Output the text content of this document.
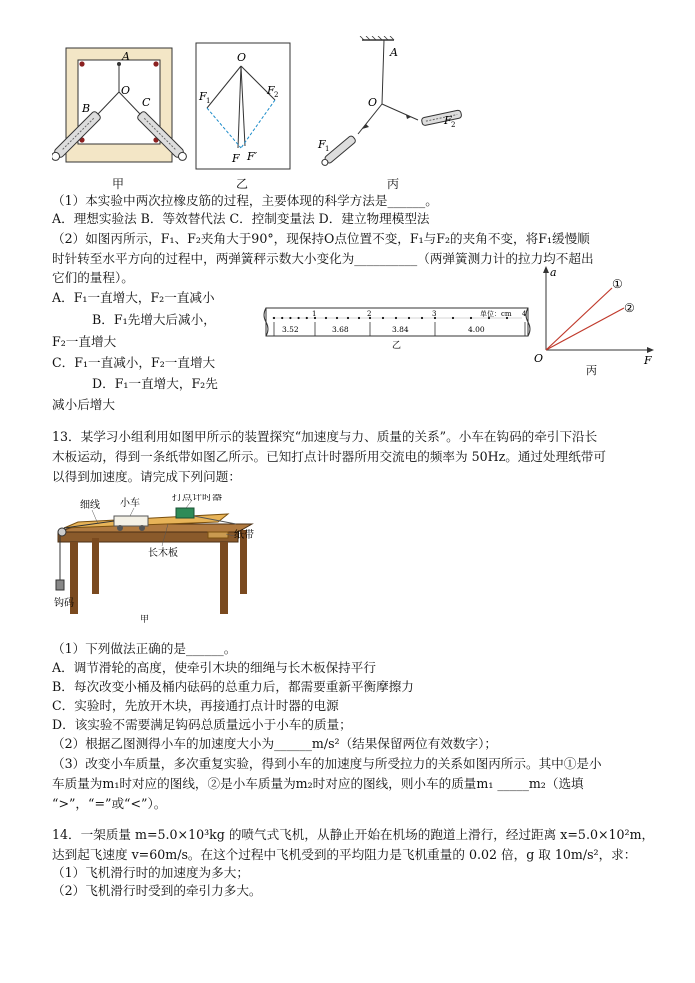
A
O
B	C
甲
O
F 1
F 2
F F′
乙
A
O
F 2
F 1
丙
（1）本实验中两次拉橡皮筋的过程，主要体现的科学方法是______。
A．理想实验法 B．等效替代法 C．控制变量法 D．建立物理模型法
（2）如图丙所示，F₁、F₂夹角大于90°，现保持O点位置不变，F₁与F₂的夹角不变，将F₁缓慢顺
时针转至水平方向的过程中，两弹簧秤示数大小变化为__________（两弹簧测力计的拉力均不超出
它们的量程）。
A．F₁一直增大，F₂一直减小
B．F₁先增大后减小，
F₂一直增大
C．F₁一直减小，F₂一直增大
D．F₁一直增大，F₂先
减小后增大
1	2	3	4
单位：cm
3.52	3.68	3.84	4.00
乙
a
F
O
①
②
丙
13．某学习小组利用如图甲所示的装置探究“加速度与力、质量的关系”。小车在钩码的牵引下沿长
木板运动，得到一条纸带如图乙所示。已知打点计时器所用交流电的频率为 50Hz。通过处理纸带可
以得到加速度。请完成下列问题：
细线 小车
打点计时器
纸带
长木板
钩码
甲
（1）下列做法正确的是______。
A．调节滑轮的高度，使牵引木块的细绳与长木板保持平行
B．每次改变小桶及桶内砝码的总重力后，都需要重新平衡摩擦力
C．实验时，先放开木块，再接通打点计时器的电源
D．该实验不需要满足钩码总质量远小于小车的质量；
（2）根据乙图测得小车的加速度大小为______m/s²（结果保留两位有效数字）；
（3）改变小车质量，多次重复实验，得到小车的加速度与所受拉力的关系如图丙所示。其中①是小
车质量为m₁时对应的图线，②是小车质量为m₂时对应的图线，则小车的质量m₁ _____m₂（选填
“>”，“=”或“<”）。
14．一架质量 m=5.0×10³kg 的喷气式飞机，从静止开始在机场的跑道上滑行，经过距离 x=5.0×10²m，
达到起飞速度 v=60m/s。在这个过程中飞机受到的平均阻力是飞机重量的 0.02 倍，g 取 10m/s²，求：
（1）飞机滑行时的加速度为多大；
（2）飞机滑行时受到的牵引力多大。
